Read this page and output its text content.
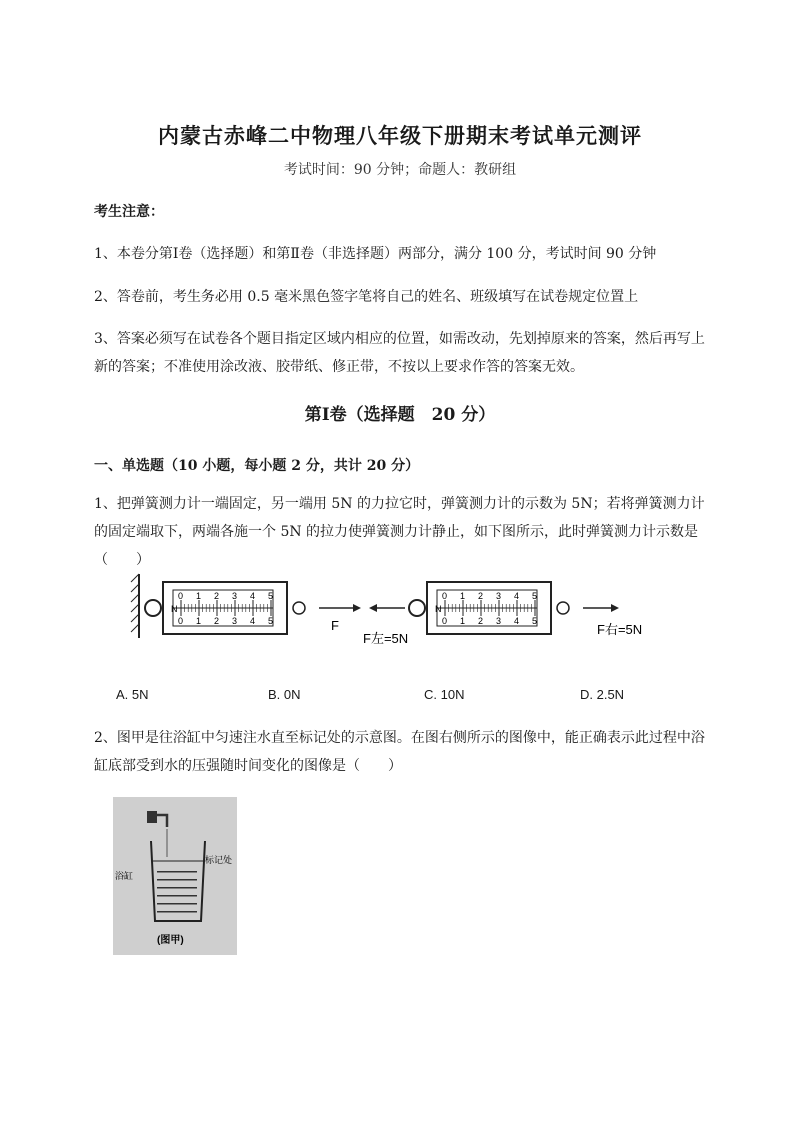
内蒙古赤峰二中物理八年级下册期末考试单元测评
考试时间：90 分钟；命题人：教研组
考生注意：
1、本卷分第Ⅰ卷（选择题）和第Ⅱ卷（非选择题）两部分，满分 100 分，考试时间 90 分钟
2、答卷前，考生务必用 0.5 毫米黑色签字笔将自己的姓名、班级填写在试卷规定位置上
3、答案必须写在试卷各个题目指定区域内相应的位置，如需改动，先划掉原来的答案，然后再写上新的答案；不准使用涂改液、胶带纸、修正带，不按以上要求作答的答案无效。
第Ⅰ卷（选择题　20 分）
一、单选题（10 小题，每小题 2 分，共计 20 分）
1、把弹簧测力计一端固定，另一端用 5N 的力拉它时，弹簧测力计的示数为 5N；若将弹簧测力计的固定端取下，两端各施一个 5N 的拉力使弹簧测力计静止，如下图所示，此时弹簧测力计示数是（　　）
0
0
1
1
2
2
3
3
4
4
5
5
N
F
0
0
1
1
2
2
3
3
4
4
5
5
N
F左=5N
F右=5N
A. 5N	B. 0N	C. 10N	D. 2.5N
2、图甲是往浴缸中匀速注水直至标记处的示意图。在图右侧所示的图像中，能正确表示此过程中浴缸底部受到水的压强随时间变化的图像是（　　）
浴缸
标记处
(图甲)
